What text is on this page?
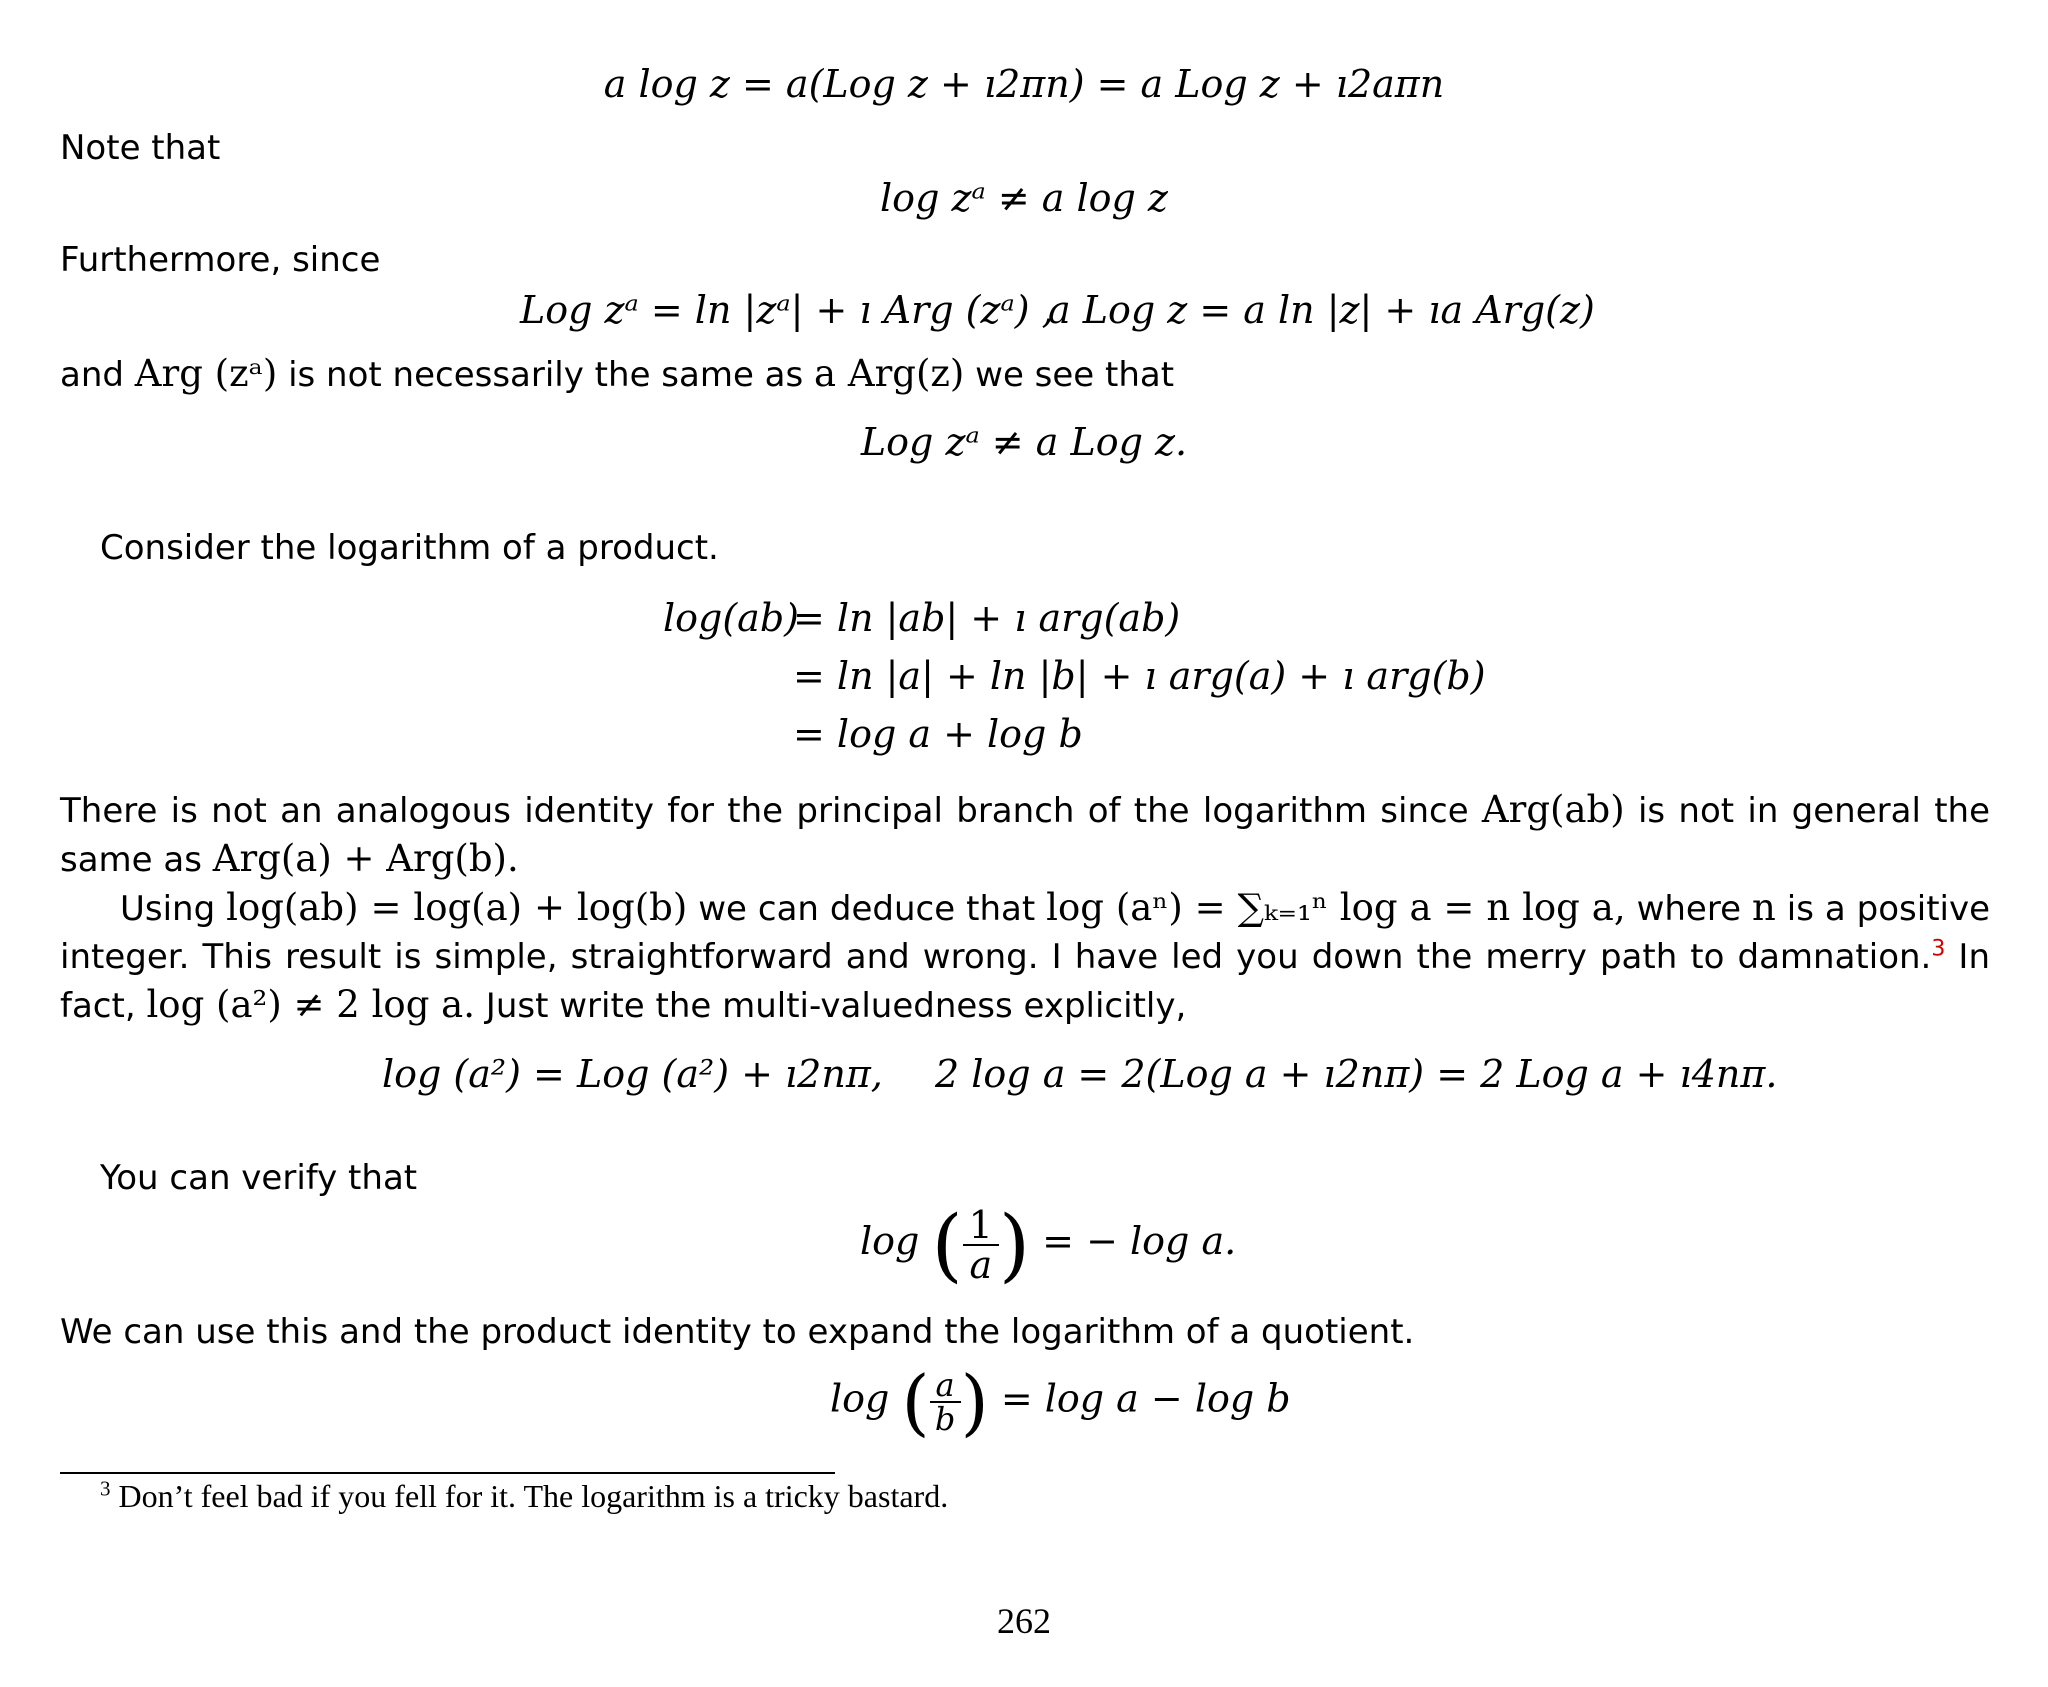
a log z = a(Log z + ı2πn) = a Log z + ı2aπn
Note that
log zᵃ ≠ a log z
Furthermore, since
Log zᵃ = ln |zᵃ| + ı Arg (zᵃ) ,
a Log z = a ln |z| + ıa Arg(z)
and Arg (zᵃ) is not necessarily the same as a Arg(z) we see that
Log zᵃ ≠ a Log z.
Consider the logarithm of a product.
log(ab)
= ln |ab| + ı arg(ab)
= ln |a| + ln |b| + ı arg(a) + ı arg(b)
= log a + log b
There is not an analogous identity for the principal branch of the logarithm since Arg(ab) is not in general the same as Arg(a) + Arg(b).
Using log(ab) = log(a) + log(b) we can deduce that log (aⁿ) = ∑ₖ₌₁ⁿ log a = n log a, where n is a positive integer. This result is simple, straightforward and wrong. I have led you down the merry path to damnation.$^3$ In fact, log (a²) ≠ 2 log a. Just write the multi-valuedness explicitly,
log (a²) = Log (a²) + ı2nπ, 2 log a = 2(Log a + ı2nπ) = 2 Log a + ı4nπ.
You can verify that
log ( $\frac{1}{a}$ ) = − log a.
We can use this and the product identity to expand the logarithm of a quotient.
log ( $\frac{a}{b}$ ) = log a − log b
$^3$ Don’t feel bad if you fell for it. The logarithm is a tricky bastard.
262
